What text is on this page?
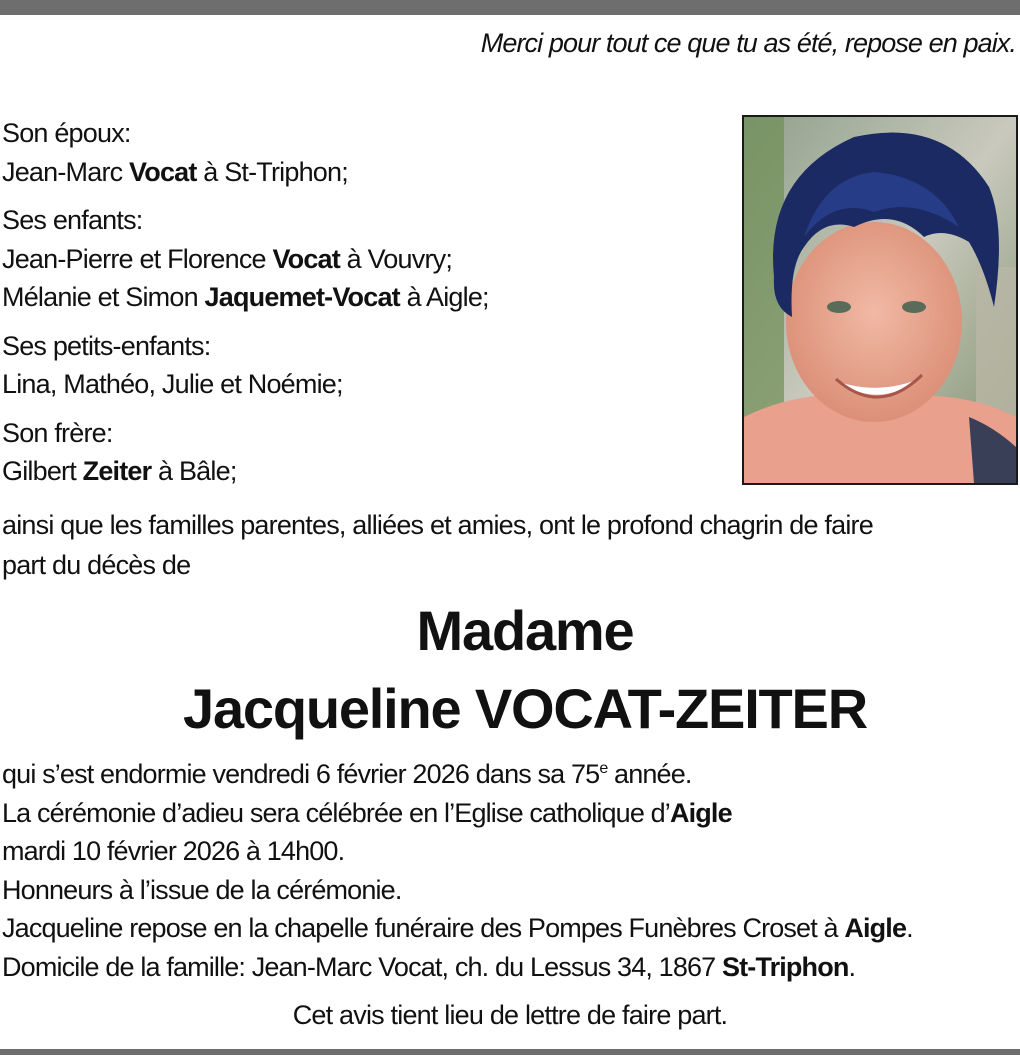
Merci pour tout ce que tu as été, repose en paix.
Son époux:
Jean-Marc Vocat à St-Triphon;
Ses enfants:
Jean-Pierre et Florence Vocat à Vouvry;
Mélanie et Simon Jaquemet-Vocat à Aigle;
Ses petits-enfants:
Lina, Mathéo, Julie et Noémie;
Son frère:
Gilbert Zeiter à Bâle;
ainsi que les familles parentes, alliées et amies, ont le profond chagrin de faire
part du décès de
Madame
Jacqueline VOCAT-ZEITER
qui s’est endormie vendredi 6 février 2026 dans sa 75e année.
La cérémonie d’adieu sera célébrée en l’Eglise catholique d’Aigle
mardi 10 février 2026 à 14h00.
Honneurs à l’issue de la cérémonie.
Jacqueline repose en la chapelle funéraire des Pompes Funèbres Croset à Aigle.
Domicile de la famille: Jean-Marc Vocat, ch. du Lessus 34, 1867 St-Triphon.
Cet avis tient lieu de lettre de faire part.
